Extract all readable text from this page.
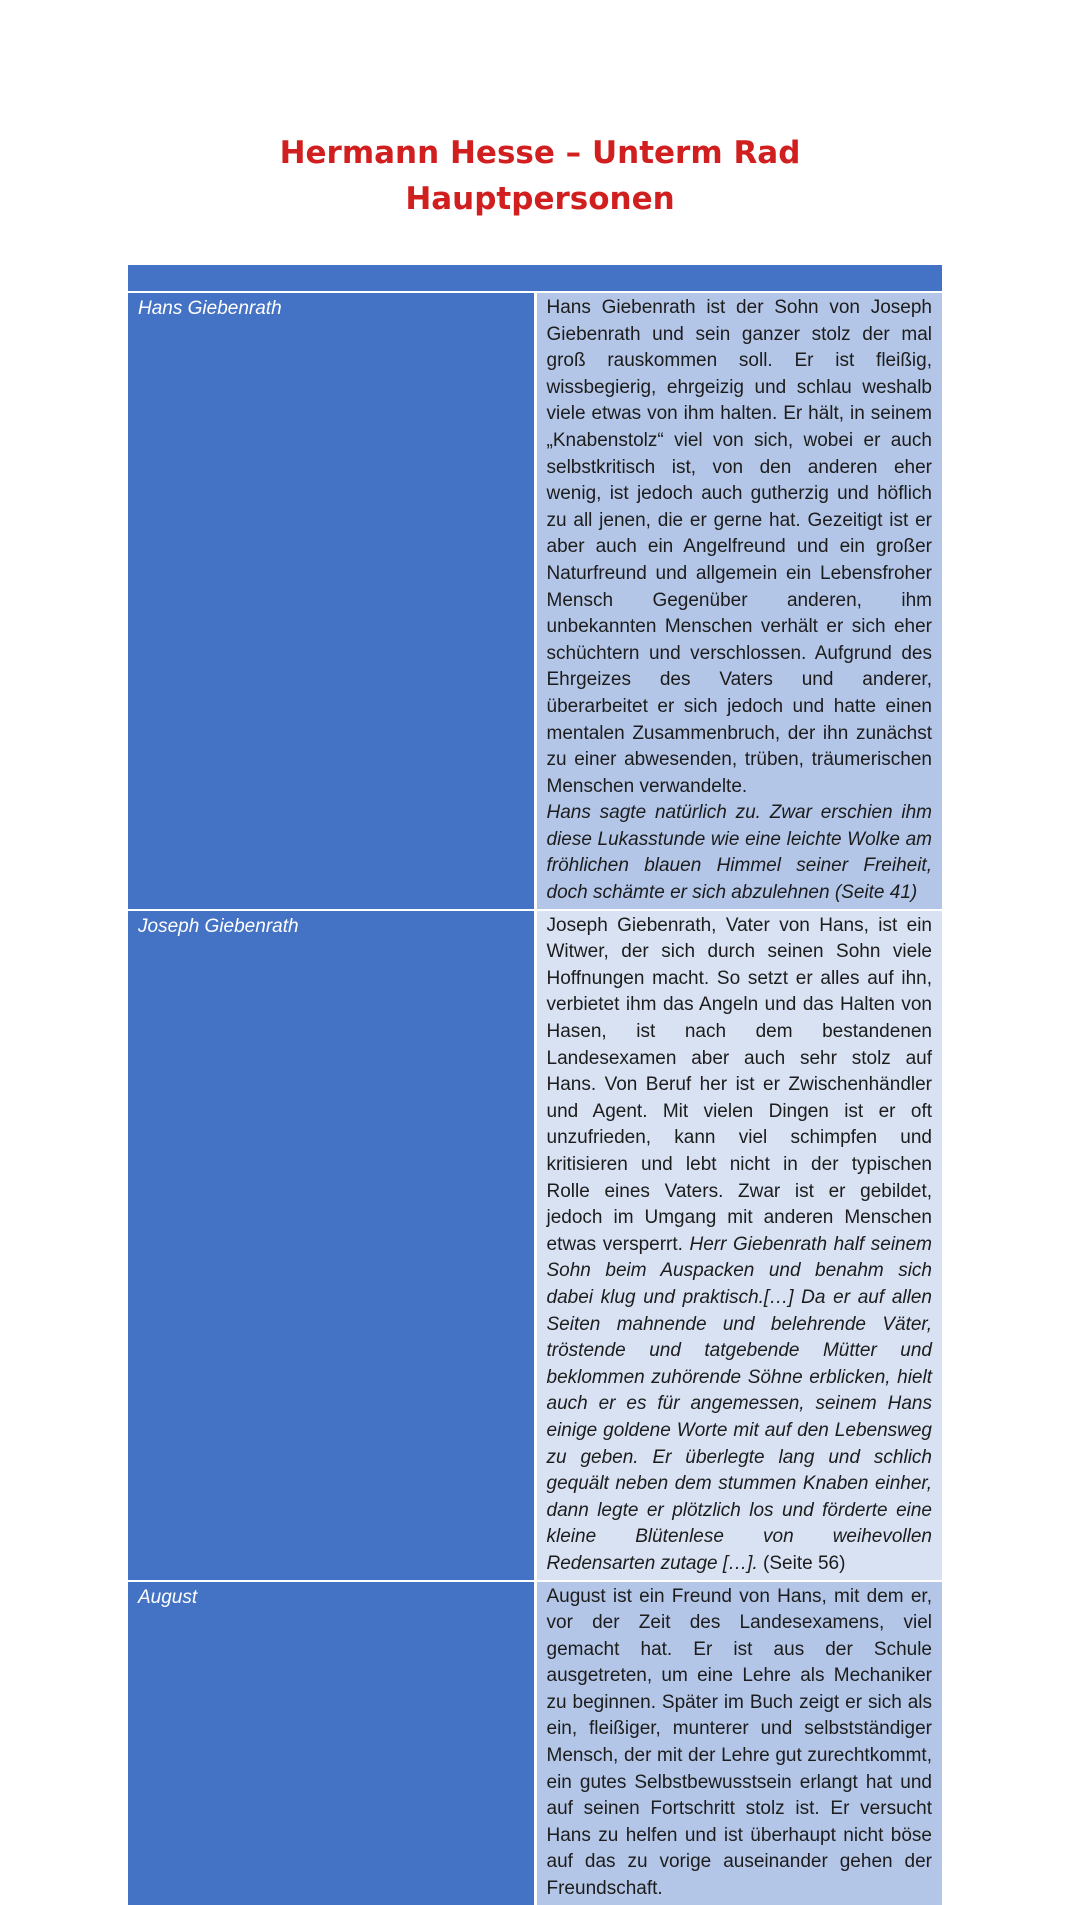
Hermann Hesse – Unterm Rad
Hauptpersonen

Hans Giebenrath	Hans Giebenrath ist der Sohn von Joseph Giebenrath und sein ganzer stolz der mal groß rauskommen soll. Er ist fleißig, wissbegierig, ehrgeizig und schlau weshalb viele etwas von ihm halten. Er hält, in seinem „Knabenstolz“ viel von sich, wobei er auch selbstkritisch ist, von den anderen eher wenig, ist jedoch auch gutherzig und höflich zu all jenen, die er gerne hat. Gezeitigt ist er aber auch ein Angelfreund und ein großer Naturfreund und allgemein ein Lebensfroher Mensch Gegenüber anderen, ihm unbekannten Menschen verhält er sich eher schüchtern und verschlossen. Aufgrund des Ehrgeizes des Vaters und anderer, überarbeitet er sich jedoch und hatte einen mentalen Zusammenbruch, der ihn zunächst zu einer abwesenden, trüben, träumerischen Menschen verwandelte.

Hans sagte natürlich zu. Zwar erschien ihm diese Lukasstunde wie eine leichte Wolke am fröhlichen blauen Himmel seiner Freiheit, doch schämte er sich abzulehnen (Seite 41)

Joseph Giebenrath	Joseph Giebenrath, Vater von Hans, ist ein Witwer, der sich durch seinen Sohn viele Hoffnungen macht. So setzt er alles auf ihn, verbietet ihm das Angeln und das Halten von Hasen, ist nach dem bestandenen Landesexamen aber auch sehr stolz auf Hans. Von Beruf her ist er Zwischenhändler und Agent. Mit vielen Dingen ist er oft unzufrieden, kann viel schimpfen und kritisieren und lebt nicht in der typischen Rolle eines Vaters. Zwar ist er gebildet, jedoch im Umgang mit anderen Menschen etwas versperrt. Herr Giebenrath half seinem Sohn beim Auspacken und benahm sich dabei klug und praktisch.[…] Da er auf allen Seiten mahnende und belehrende Väter, tröstende und tatgebende Mütter und beklommen zuhörende Söhne erblicken, hielt auch er es für angemessen, seinem Hans einige goldene Worte mit auf den Lebensweg zu geben. Er überlegte lang und schlich gequält neben dem stummen Knaben einher, dann legte er plötzlich los und förderte eine kleine Blütenlese von weihevollen Redensarten zutage […]. (Seite 56)

August	August ist ein Freund von Hans, mit dem er, vor der Zeit des Landesexamens, viel gemacht hat. Er ist aus der Schule ausgetreten, um eine Lehre als Mechaniker zu beginnen. Später im Buch zeigt er sich als ein, fleißiger, munterer und selbstständiger Mensch, der mit der Lehre gut zurechtkommt, ein gutes Selbstbewusstsein erlangt hat und auf seinen Fortschritt stolz ist. Er versucht Hans zu helfen und ist überhaupt nicht böse auf das zu vorige auseinander gehen der Freundschaft.
